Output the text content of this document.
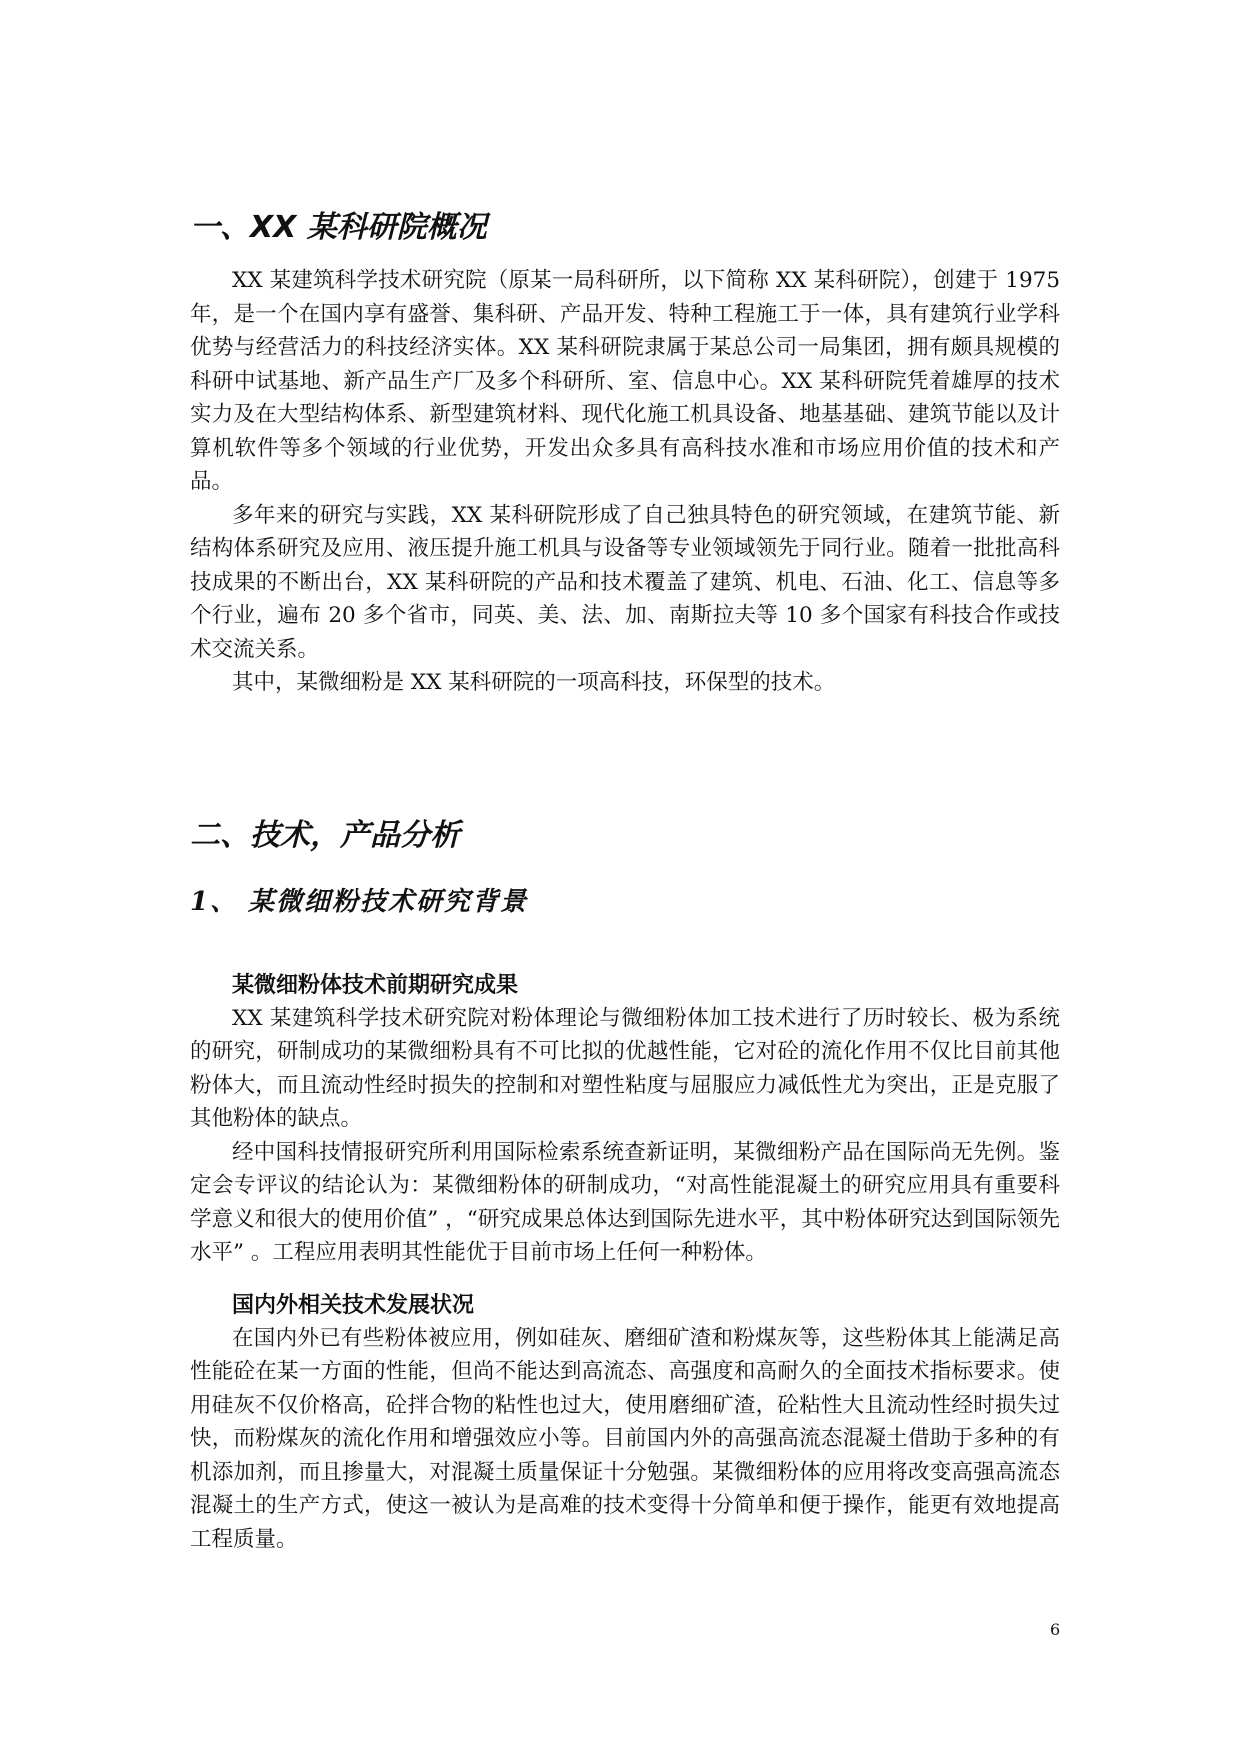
一、XX 某科研院概况

XX 某建筑科学技术研究院（原某一局科研所，以下简称 XX 某科研院），创建于 1975 年，是一个在国内享有盛誉、集科研、产品开发、特种工程施工于一体，具有建筑行业学科优势与经营活力的科技经济实体。XX 某科研院隶属于某总公司一局集团，拥有颇具规模的科研中试基地、新产品生产厂及多个科研所、室、信息中心。XX 某科研院凭着雄厚的技术实力及在大型结构体系、新型建筑材料、现代化施工机具设备、地基基础、建筑节能以及计算机软件等多个领域的行业优势，开发出众多具有高科技水准和市场应用价值的技术和产品。

多年来的研究与实践，XX 某科研院形成了自己独具特色的研究领域，在建筑节能、新结构体系研究及应用、液压提升施工机具与设备等专业领域领先于同行业。随着一批批高科技成果的不断出台，XX 某科研院的产品和技术覆盖了建筑、机电、石油、化工、信息等多个行业，遍布 20 多个省市，同英、美、法、加、南斯拉夫等 10 多个国家有科技合作或技术交流关系。

其中，某微细粉是 XX 某科研院的一项高科技，环保型的技术。

二、技术，产品分析
1、 某微细粉技术研究背景
某微细粉体技术前期研究成果

XX 某建筑科学技术研究院对粉体理论与微细粉体加工技术进行了历时较长、极为系统的研究，研制成功的某微细粉具有不可比拟的优越性能，它对砼的流化作用不仅比目前其他粉体大，而且流动性经时损失的控制和对塑性粘度与屈服应力减低性尤为突出，正是克服了其他粉体的缺点。

经中国科技情报研究所利用国际检索系统查新证明，某微细粉产品在国际尚无先例。鉴定会专评议的结论认为：某微细粉体的研制成功，“对高性能混凝土的研究应用具有重要科学意义和很大的使用价值” ，“研究成果总体达到国际先进水平，其中粉体研究达到国际领先水平” 。工程应用表明其性能优于目前市场上任何一种粉体。

国内外相关技术发展状况

在国内外已有些粉体被应用，例如硅灰、磨细矿渣和粉煤灰等，这些粉体其上能满足高性能砼在某一方面的性能，但尚不能达到高流态、高强度和高耐久的全面技术指标要求。使用硅灰不仅价格高，砼拌合物的粘性也过大，使用磨细矿渣，砼粘性大且流动性经时损失过快，而粉煤灰的流化作用和增强效应小等。目前国内外的高强高流态混凝土借助于多种的有机添加剂，而且掺量大，对混凝土质量保证十分勉强。某微细粉体的应用将改变高强高流态混凝土的生产方式，使这一被认为是高难的技术变得十分简单和便于操作，能更有效地提高工程质量。

6
